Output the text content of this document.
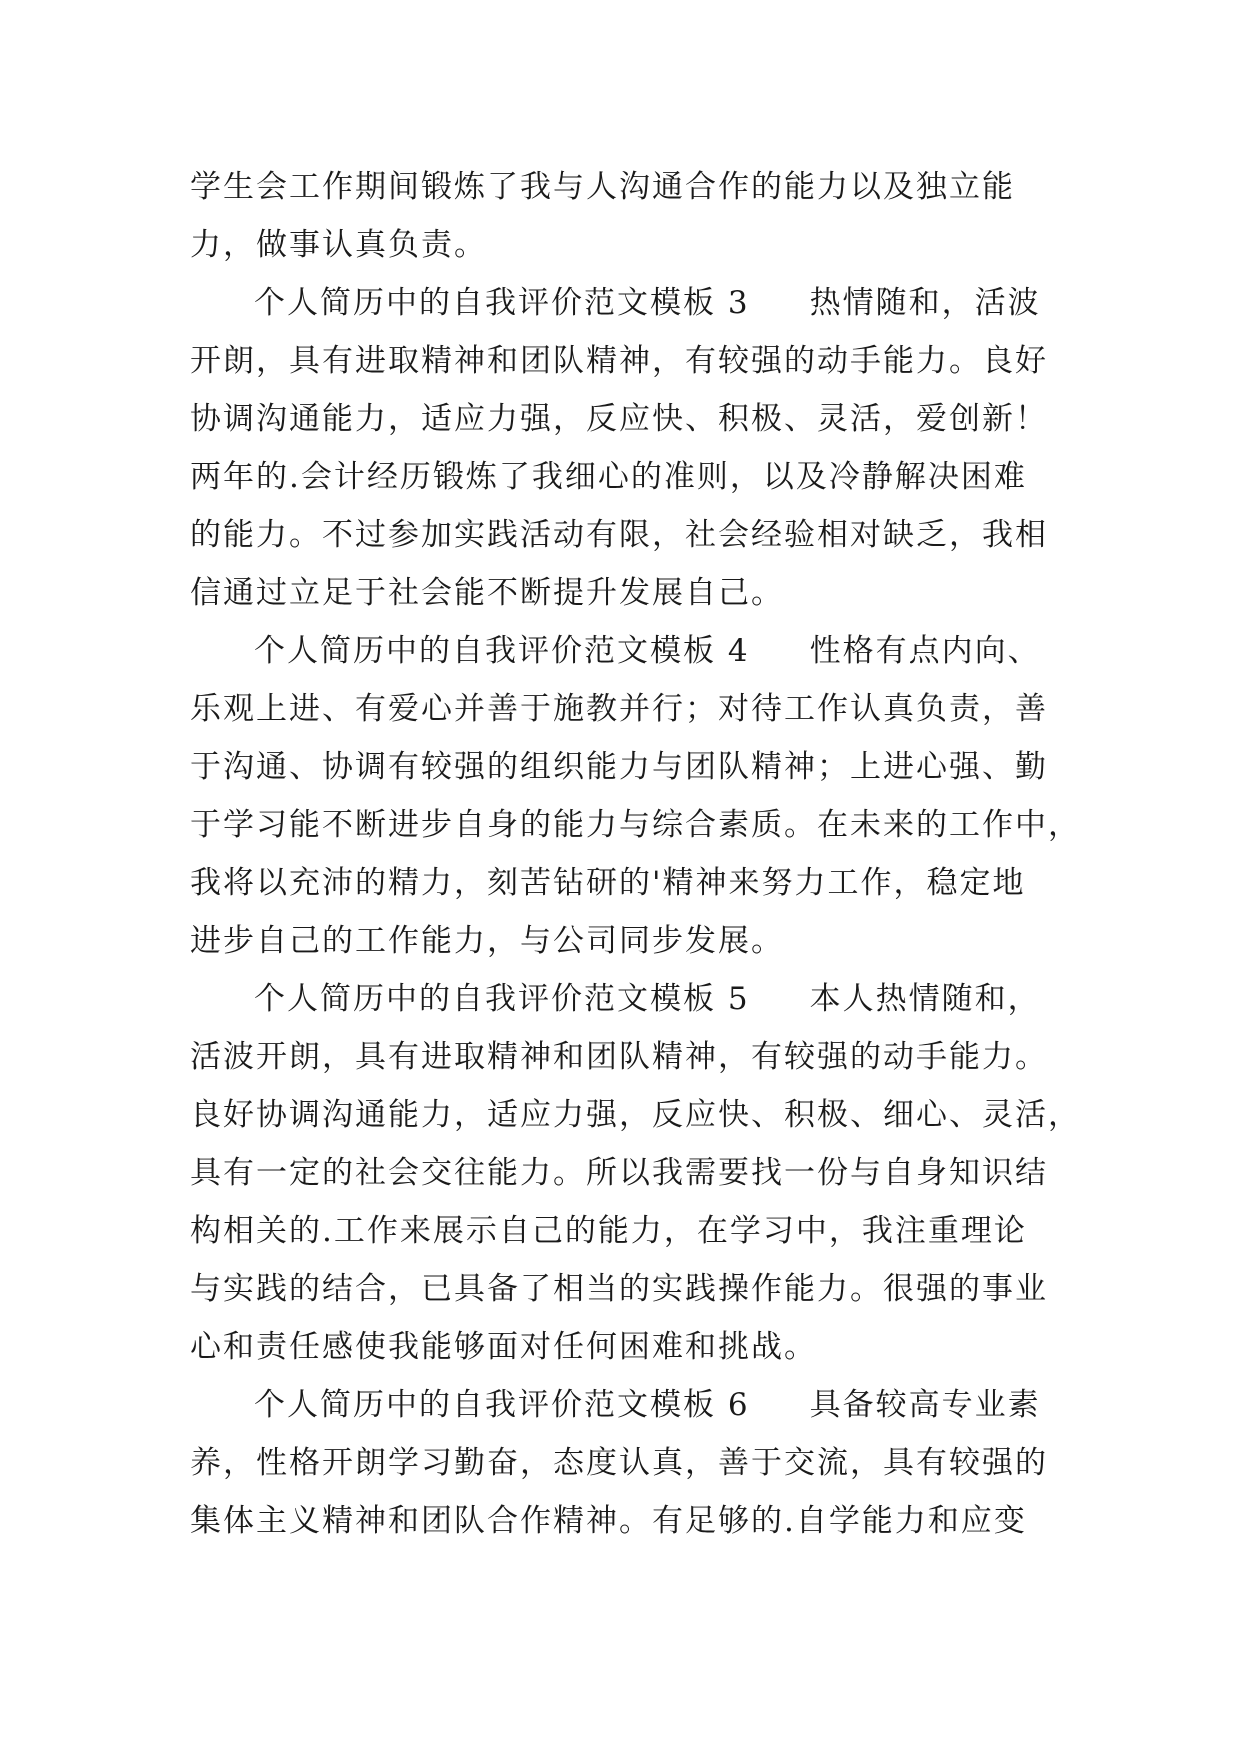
学生会工作期间锻炼了我与人沟通合作的能力以及独立能
力，做事认真负责。
个人简历中的自我评价范文模板 3 热情随和，活波
开朗，具有进取精神和团队精神，有较强的动手能力。良好
协调沟通能力，适应力强，反应快、积极、灵活，爱创新！
两年的.会计经历锻炼了我细心的准则，以及冷静解决困难
的能力。不过参加实践活动有限，社会经验相对缺乏，我相
信通过立足于社会能不断提升发展自己。
个人简历中的自我评价范文模板 4 性格有点内向、
乐观上进、有爱心并善于施教并行；对待工作认真负责，善
于沟通、协调有较强的组织能力与团队精神；上进心强、勤
于学习能不断进步自身的能力与综合素质。在未来的工作中，
我将以充沛的精力，刻苦钻研的'精神来努力工作，稳定地
进步自己的工作能力，与公司同步发展。
个人简历中的自我评价范文模板 5 本人热情随和，
活波开朗，具有进取精神和团队精神，有较强的动手能力。
良好协调沟通能力，适应力强，反应快、积极、细心、灵活，
具有一定的社会交往能力。所以我需要找一份与自身知识结
构相关的.工作来展示自己的能力，在学习中，我注重理论
与实践的结合，已具备了相当的实践操作能力。很强的事业
心和责任感使我能够面对任何困难和挑战。
个人简历中的自我评价范文模板 6 具备较高专业素
养，性格开朗学习勤奋，态度认真，善于交流，具有较强的
集体主义精神和团队合作精神。有足够的.自学能力和应变
